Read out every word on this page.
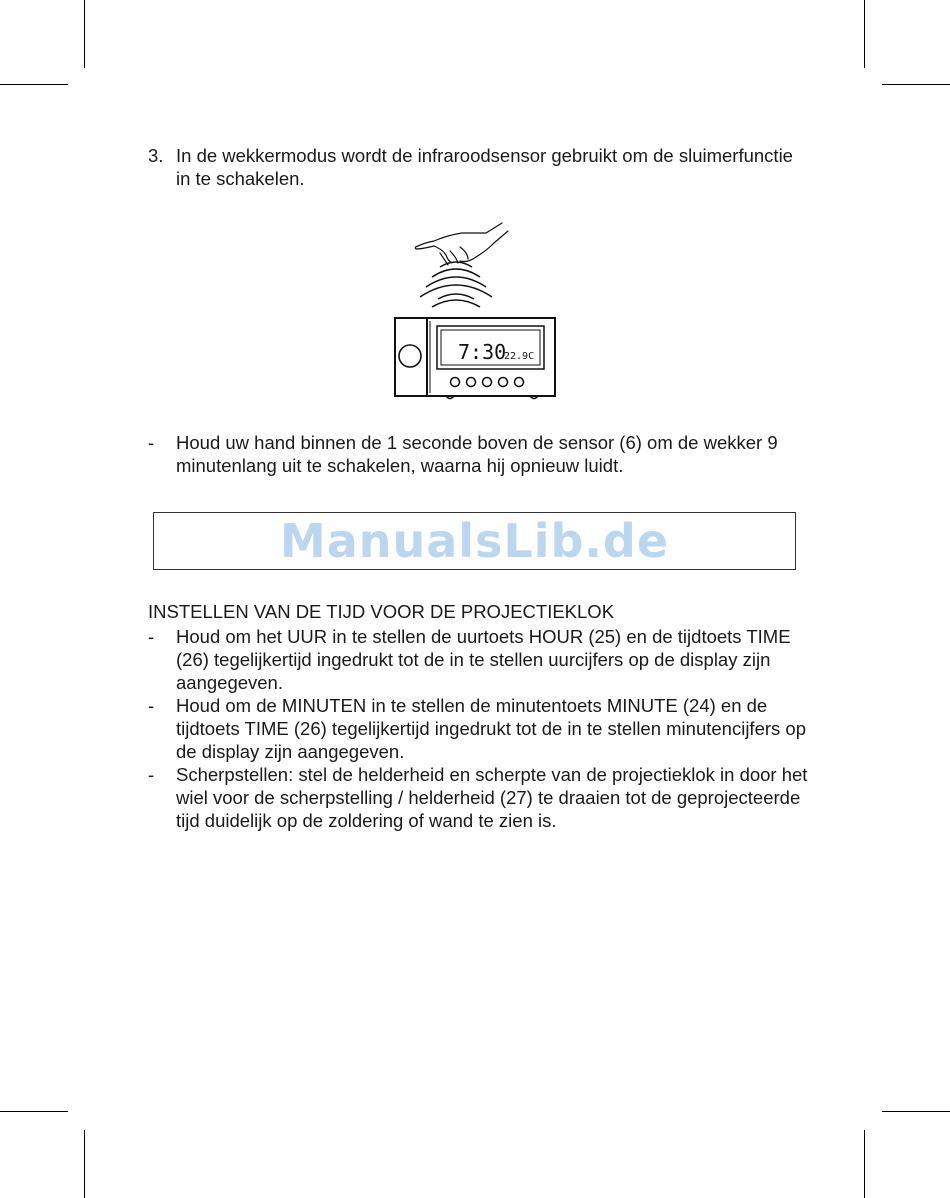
3. In de wekkermodus wordt de infraroodsensor gebruikt om de sluimerfunctie in te schakelen.
7:30
22.9C
- Houd uw hand binnen de 1 seconde boven de sensor (6) om de wekker 9 minutenlang uit te schakelen, waarna hij opnieuw luidt.
ManualsLib.de
INSTELLEN VAN DE TIJD VOOR DE PROJECTIEKLOK
- Houd om het UUR in te stellen de uurtoets HOUR (25) en de tijdtoets TIME (26) tegelijkertijd ingedrukt tot de in te stellen uurcijfers op de display zijn aangegeven.
- Houd om de MINUTEN in te stellen de minutentoets MINUTE (24) en de tijdtoets TIME (26) tegelijkertijd ingedrukt tot de in te stellen minutencijfers op de display zijn aangegeven.
- Scherpstellen: stel de helderheid en scherpte van de projectieklok in door het wiel voor de scherpstelling / helderheid (27) te draaien tot de geprojecteerde tijd duidelijk op de zoldering of wand te zien is.
